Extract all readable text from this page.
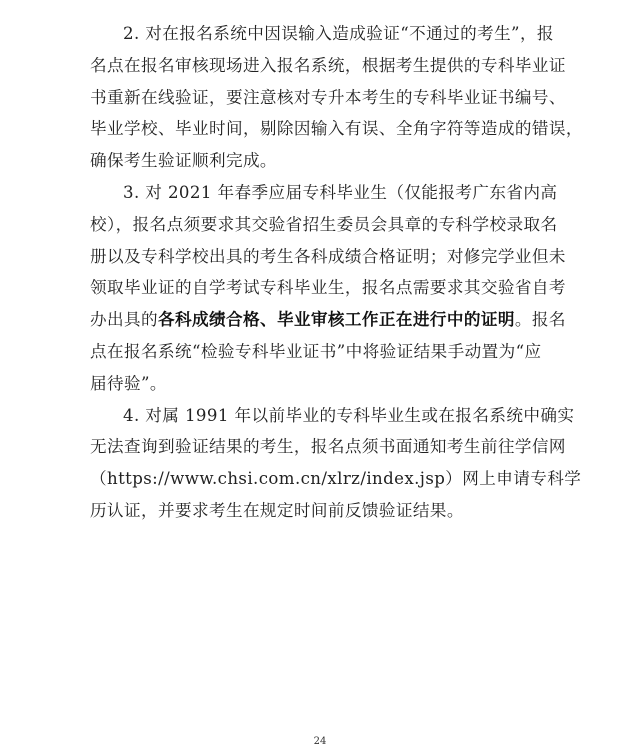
2. 对在报名系统中因误输入造成验证“不通过的考生”，报
名点在报名审核现场进入报名系统，根据考生提供的专科毕业证
书重新在线验证，要注意核对专升本考生的专科毕业证书编号、
毕业学校、毕业时间，剔除因输入有误、全角字符等造成的错误，
确保考生验证顺利完成。

3. 对 2021 年春季应届专科毕业生（仅能报考广东省内高
校），报名点须要求其交验省招生委员会具章的专科学校录取名
册以及专科学校出具的考生各科成绩合格证明；对修完学业但未
领取毕业证的自学考试专科毕业生，报名点需要求其交验省自考
办出具的各科成绩合格、毕业审核工作正在进行中的证明。报名
点在报名系统“检验专科毕业证书”中将验证结果手动置为“应
届待验”。

4. 对属 1991 年以前毕业的专科毕业生或在报名系统中确实
无法查询到验证结果的考生，报名点须书面通知考生前往学信网
（https://www.chsi.com.cn/xlrz/index.jsp）网上申请专科学
历认证，并要求考生在规定时间前反馈验证结果。

24
